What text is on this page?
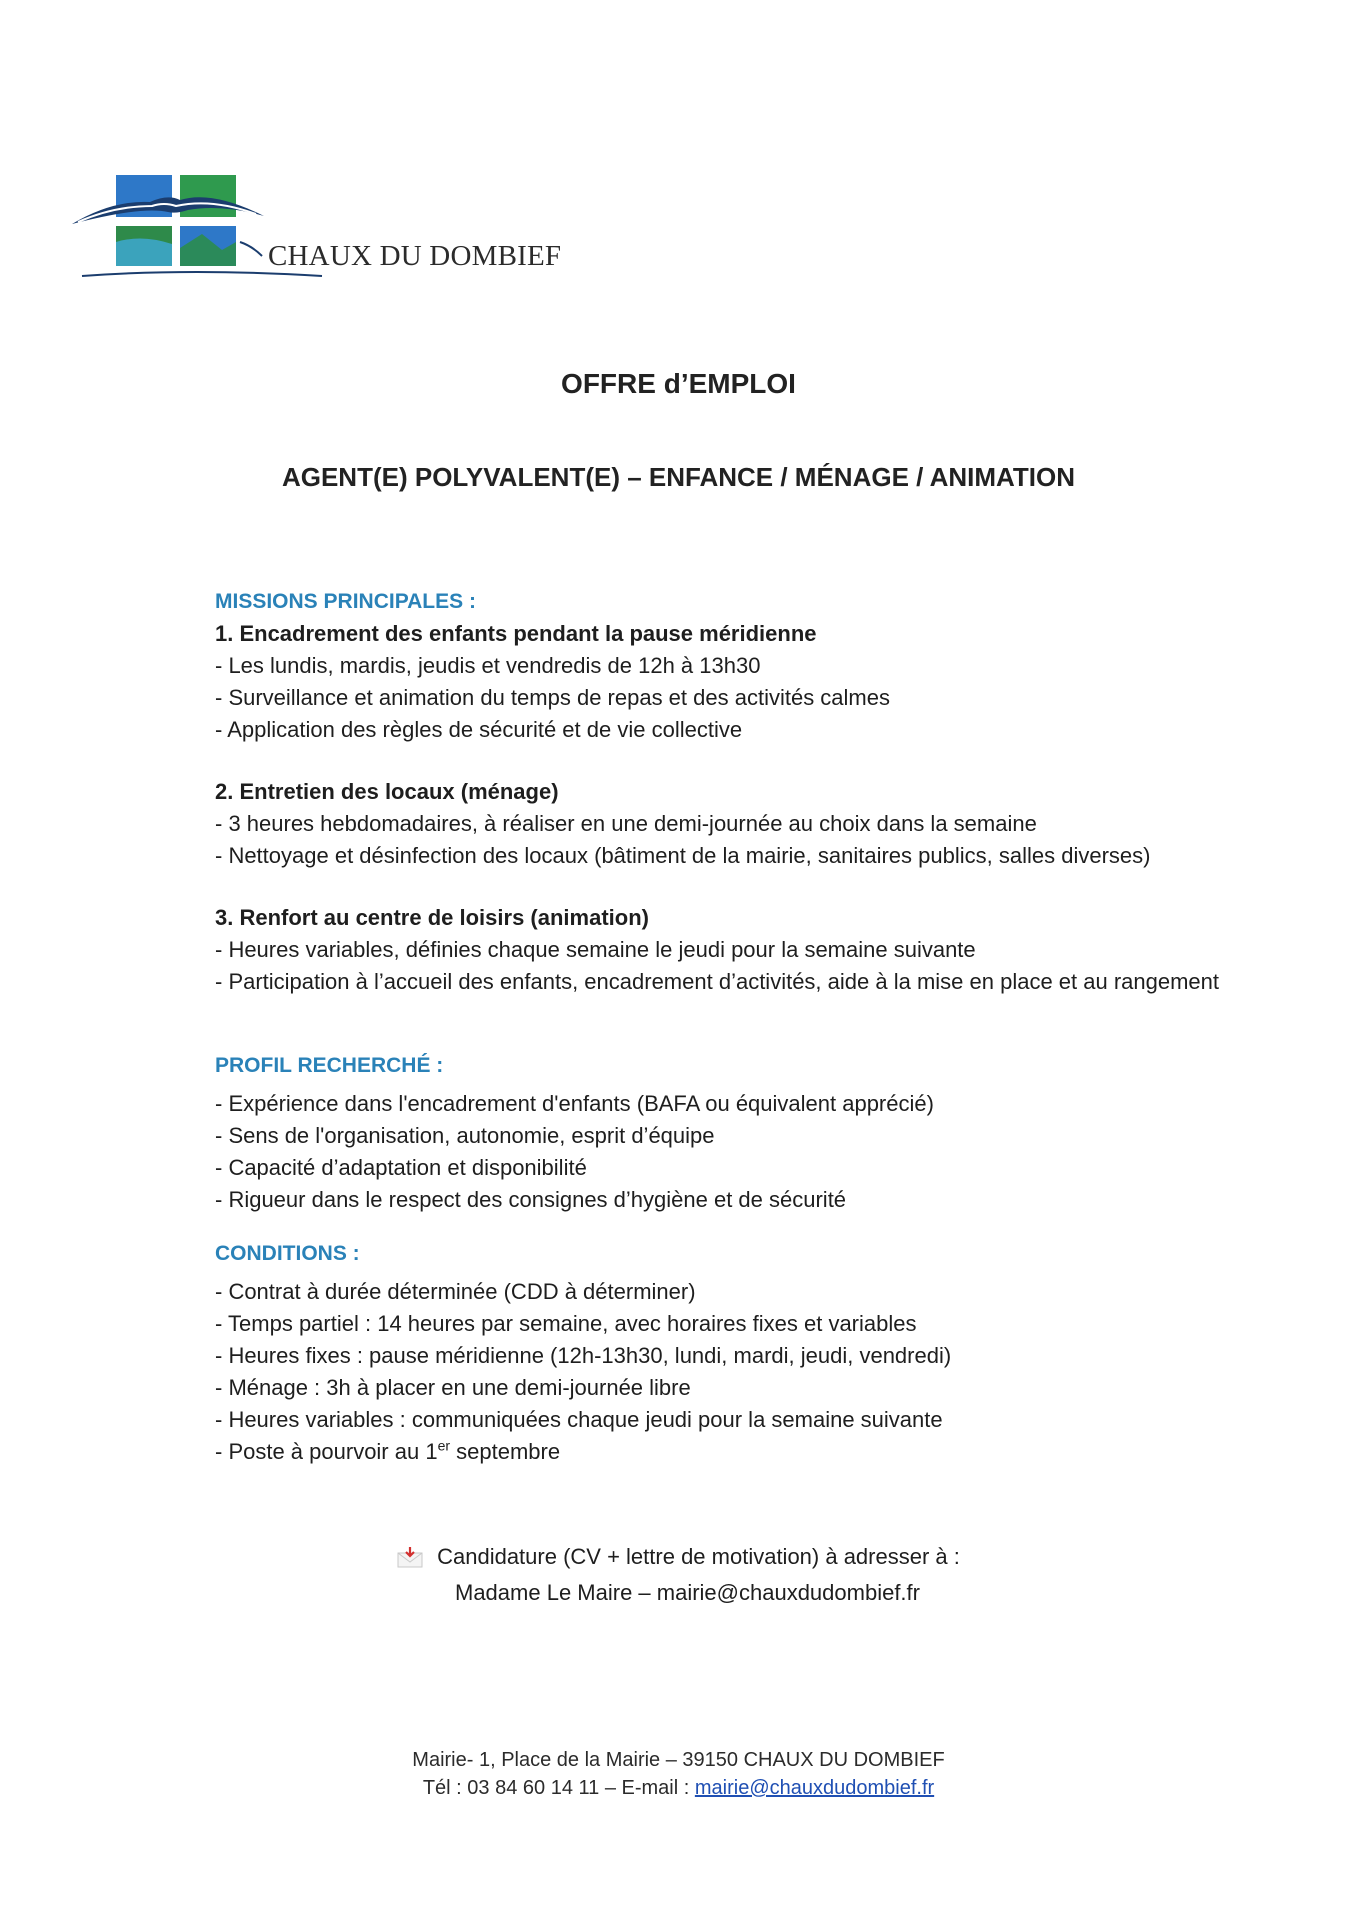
CHAUX DU DOMBIEF
OFFRE d’EMPLOI
AGENT(E) POLYVALENT(E) – ENFANCE / MÉNAGE / ANIMATION

MISSIONS PRINCIPALES :

1. Encadrement des enfants pendant la pause méridienne

- Les lundis, mardis, jeudis et vendredis de 12h à 13h30
- Surveillance et animation du temps de repas et des activités calmes
- Application des règles de sécurité et de vie collective

2. Entretien des locaux (ménage)

- 3 heures hebdomadaires, à réaliser en une demi-journée au choix dans la semaine
- Nettoyage et désinfection des locaux (bâtiment de la mairie, sanitaires publics, salles diverses)

3. Renfort au centre de loisirs (animation)

- Heures variables, définies chaque semaine le jeudi pour la semaine suivante
- Participation à l’accueil des enfants, encadrement d’activités, aide à la mise en place et au rangement

PROFIL RECHERCHÉ :

- Expérience dans l'encadrement d'enfants (BAFA ou équivalent apprécié)
- Sens de l'organisation, autonomie, esprit d’équipe
- Capacité d’adaptation et disponibilité
- Rigueur dans le respect des consignes d’hygiène et de sécurité

CONDITIONS :

- Contrat à durée déterminée (CDD à déterminer)
- Temps partiel : 14 heures par semaine, avec horaires fixes et variables
- Heures fixes : pause méridienne (12h-13h30, lundi, mardi, jeudi, vendredi)
- Ménage : 3h à placer en une demi-journée libre
- Heures variables : communiquées chaque jeudi pour la semaine suivante
- Poste à pourvoir au 1er septembre
Candidature (CV + lettre de motivation) à adresser à :
Madame Le Maire – mairie@chauxdudombief.fr
Mairie- 1, Place de la Mairie – 39150 CHAUX DU DOMBIEF
Tél : 03 84 60 14 11 – E-mail : mairie@chauxdudombief.fr
